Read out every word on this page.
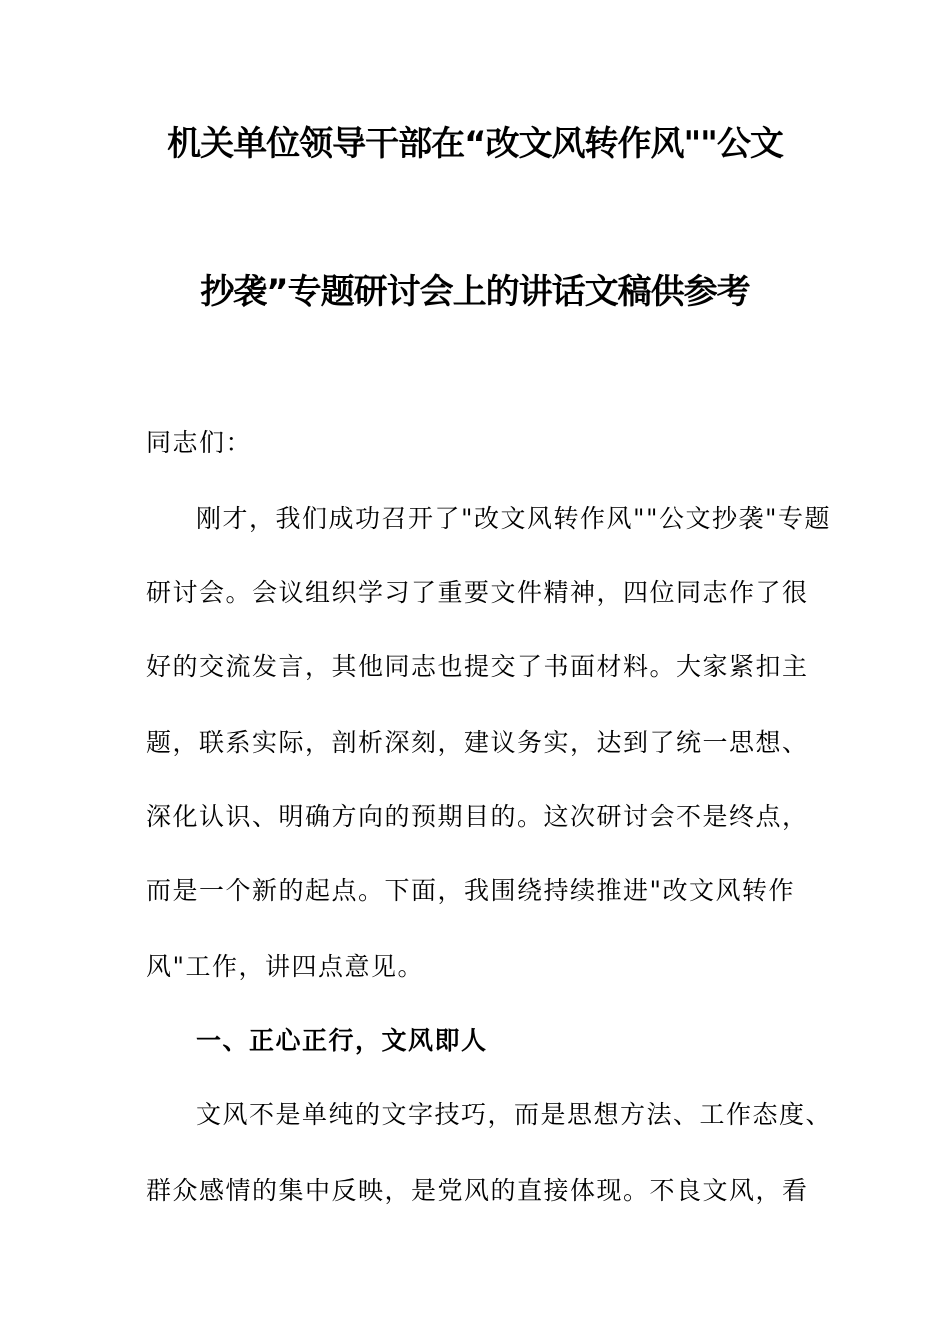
机关单位领导干部在“改文风转作风""公文
抄袭”专题研讨会上的讲话文稿供参考
同志们：
刚才，我们成功召开了"改文风转作风""公文抄袭"专题
研讨会。会议组织学习了重要文件精神，四位同志作了很
好的交流发言，其他同志也提交了书面材料。大家紧扣主
题，联系实际，剖析深刻，建议务实，达到了统一思想、
深化认识、明确方向的预期目的。这次研讨会不是终点，
而是一个新的起点。下面，我围绕持续推进"改文风转作
风"工作，讲四点意见。
一、正心正行，文风即人
文风不是单纯的文字技巧，而是思想方法、工作态度、
群众感情的集中反映，是党风的直接体现。不良文风，看
